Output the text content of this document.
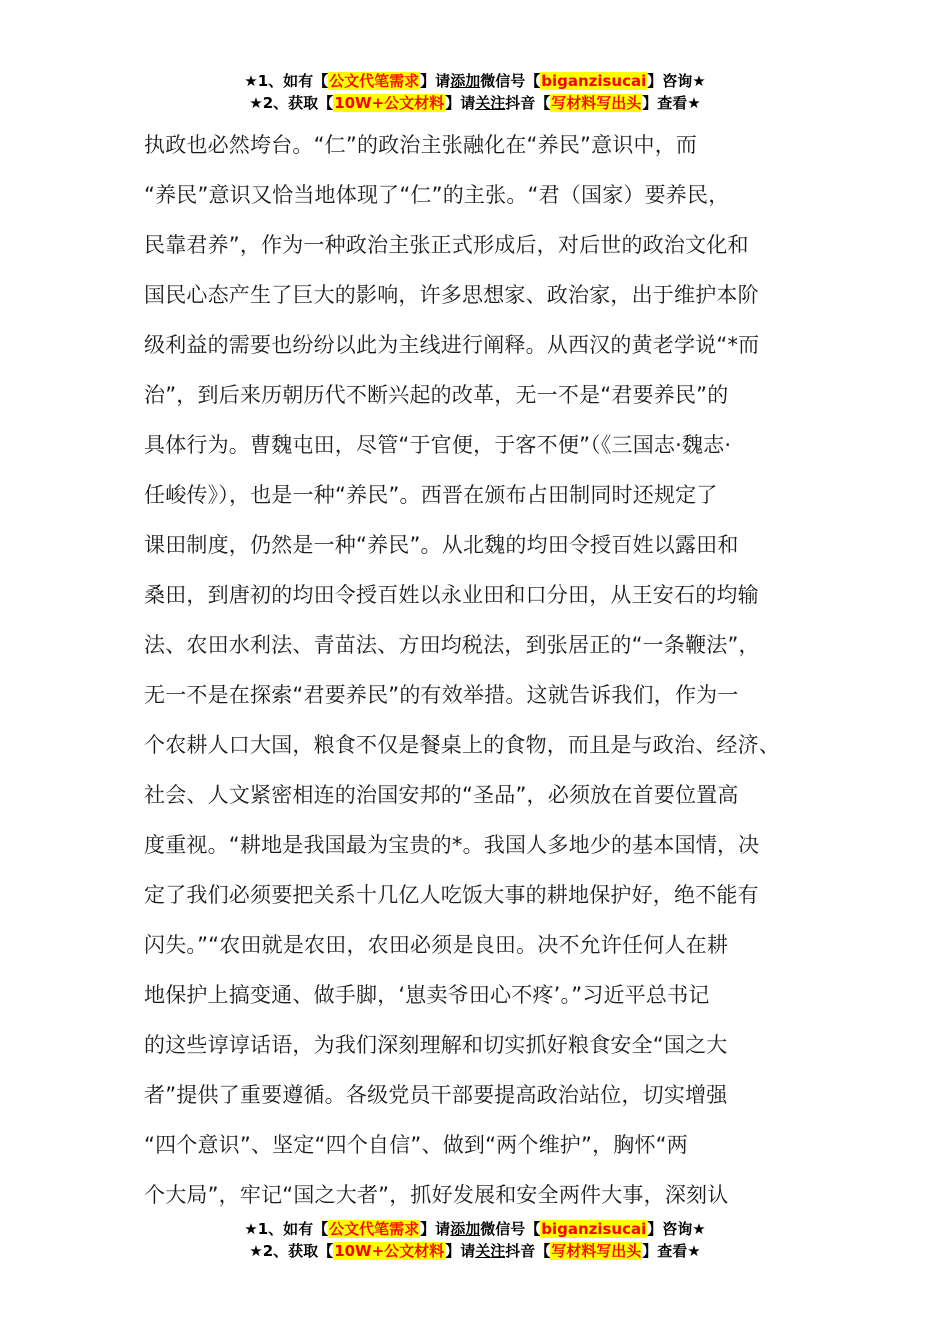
★1、如有【公文代笔需求】请添加微信号【biganzisucai】咨询★
★2、获取【10W+公文材料】请关注抖音【写材料写出头】查看★
执政也必然垮台。“仁”的政治主张融化在“养民”意识中，而
“养民”意识又恰当地体现了“仁”的主张。“君（国家）要养民，
民靠君养”，作为一种政治主张正式形成后，对后世的政治文化和
国民心态产生了巨大的影响，许多思想家、政治家，出于维护本阶
级利益的需要也纷纷以此为主线进行阐释。从西汉的黄老学说“*而
治”，到后来历朝历代不断兴起的改革，无一不是“君要养民”的
具体行为。曹魏屯田，尽管“于官便，于客不便”（《三国志·魏志·
任峻传》），也是一种“养民”。西晋在颁布占田制同时还规定了
课田制度，仍然是一种“养民”。从北魏的均田令授百姓以露田和
桑田，到唐初的均田令授百姓以永业田和口分田，从王安石的均输
法、农田水利法、青苗法、方田均税法，到张居正的“一条鞭法”，
无一不是在探索“君要养民”的有效举措。这就告诉我们，作为一
个农耕人口大国，粮食不仅是餐桌上的食物，而且是与政治、经济、
社会、人文紧密相连的治国安邦的“圣品”，必须放在首要位置高
度重视。“耕地是我国最为宝贵的*。我国人多地少的基本国情，决
定了我们必须要把关系十几亿人吃饭大事的耕地保护好，绝不能有
闪失。”“农田就是农田，农田必须是良田。决不允许任何人在耕
地保护上搞变通、做手脚，‘崽卖爷田心不疼’。”习近平总书记
的这些谆谆话语，为我们深刻理解和切实抓好粮食安全“国之大
者”提供了重要遵循。各级党员干部要提高政治站位，切实增强
“四个意识”、坚定“四个自信”、做到“两个维护”，胸怀“两
个大局”，牢记“国之大者”，抓好发展和安全两件大事，深刻认
★1、如有【公文代笔需求】请添加微信号【biganzisucai】咨询★
★2、获取【10W+公文材料】请关注抖音【写材料写出头】查看★
